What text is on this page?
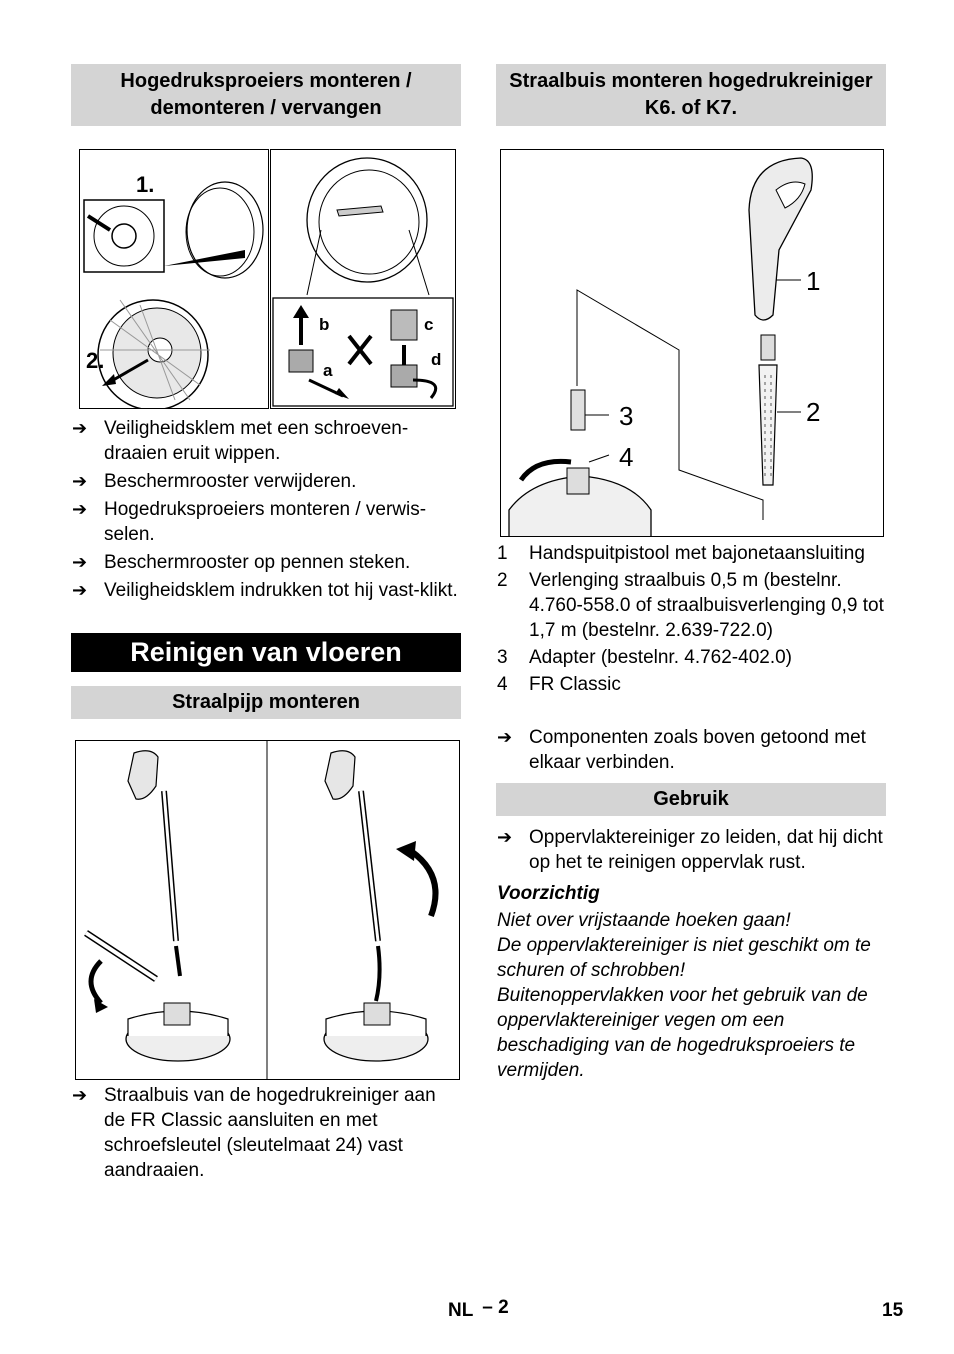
Hogedruksproeiers monteren / demonteren / vervangen
1.
2.
b
a
c
d
➔ Veiligheidsklem met een schroeven-draaien eruit wippen.
➔ Beschermrooster verwijderen.
➔ Hogedruksproeiers monteren / verwis-selen.
➔ Beschermrooster op pennen steken.
➔ Veiligheidsklem indrukken tot hij vast-klikt.
Reinigen van vloeren
Straalpijp monteren
➔ Straalbuis van de hogedrukreiniger aan de FR Classic aansluiten en met schroefsleutel (sleutelmaat 24) vast aandraaien.
Straalbuis monteren hogedrukreiniger K6. of K7.
1
2
3
4
1 Handspuitpistool met bajonetaansluiting
2 Verlenging straalbuis 0,5 m (bestelnr. 4.760-558.0 of straalbuisverlenging 0,9 tot 1,7 m (bestelnr. 2.639-722.0)
3 Adapter (bestelnr. 4.762-402.0)
4 FR Classic
➔ Componenten zoals boven getoond met elkaar verbinden.
Gebruik
➔ Oppervlaktereiniger zo leiden, dat hij dicht op het te reinigen oppervlak rust.
Voorzichtig
Niet over vrijstaande hoeken gaan!
De oppervlaktereiniger is niet geschikt om te schuren of schrobben!
Buitenoppervlakken voor het gebruik van de oppervlaktereiniger vegen om een beschadiging van de hogedruksproeiers te vermijden.
NL – 2	15
